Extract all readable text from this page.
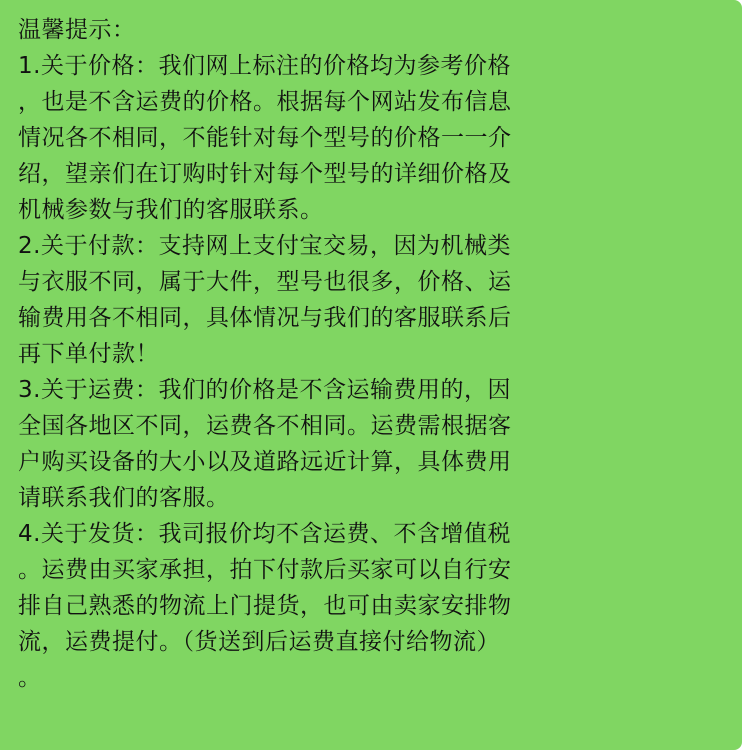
温馨提示：
1.关于价格：我们网上标注的价格均为参考价格
，也是不含运费的价格。根据每个网站发布信息
情况各不相同，不能针对每个型号的价格一一介
绍，望亲们在订购时针对每个型号的详细价格及
机械参数与我们的客服联系。
2.关于付款：支持网上支付宝交易，因为机械类
与衣服不同，属于大件，型号也很多，价格、运
输费用各不相同，具体情况与我们的客服联系后
再下单付款！
3.关于运费：我们的价格是不含运输费用的，因
全国各地区不同，运费各不相同。运费需根据客
户购买设备的大小以及道路远近计算，具体费用
请联系我们的客服。
4.关于发货：我司报价均不含运费、不含增值税
。运费由买家承担，拍下付款后买家可以自行安
排自己熟悉的物流上门提货，也可由卖家安排物
流，运费提付。（货送到后运费直接付给物流）
。
